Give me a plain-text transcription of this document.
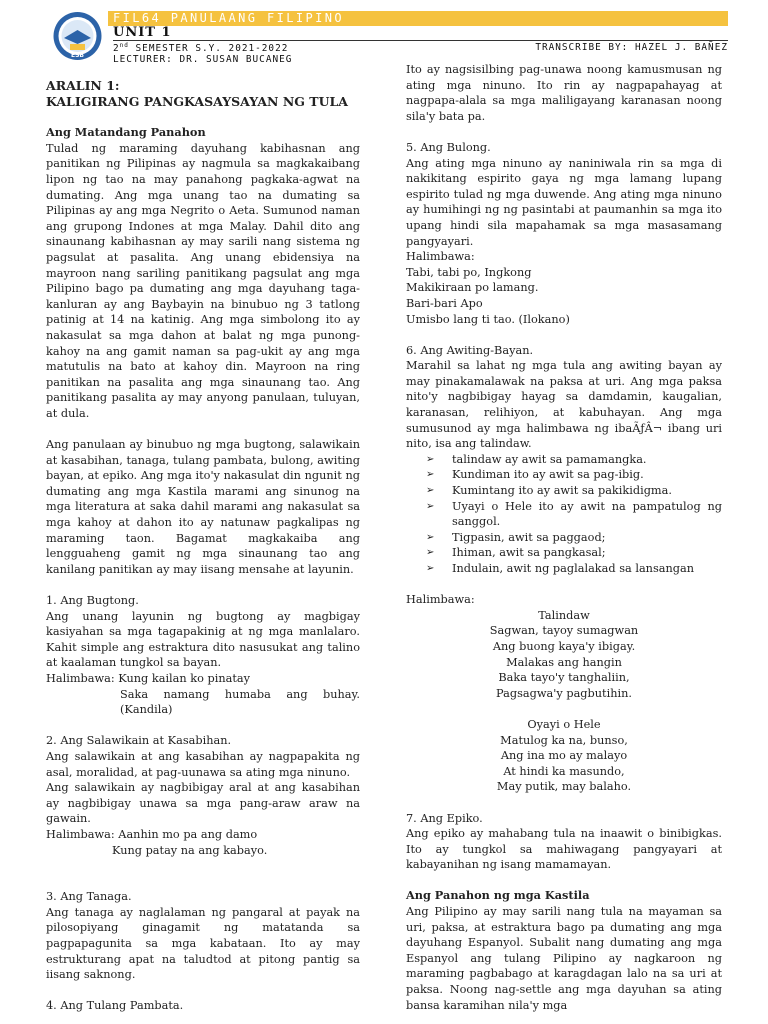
ESB
FIL64 PANULAANG FILIPINO
UNIT 1
2nd SEMESTER S.Y. 2021-2022	TRANSCRIBE BY: HAZEL J. BAÑEZ
LECTURER: DR. SUSAN BUCANEG
ARALIN 1:
KALIGIRANG PANGKASAYSAYAN NG TULA
Ang Matandang Panahon

Tulad ng maraming dayuhang kabihasnan ang panitikan ng Pilipinas ay nagmula sa magkakaibang lipon ng tao na may panahong pagkaka-agwat na dumating. Ang mga unang tao na dumating sa Pilipinas ay ang mga Negrito o Aeta. Sumunod naman ang grupong Indones at mga Malay. Dahil dito ang sinaunang kabihasnan ay may sarili nang sistema ng pagsulat at pasalita. Ang unang ebidensiya na mayroon nang sariling panitikang pagsulat ang mga Pilipino bago pa dumating ang mga dayuhang taga-kanluran ay ang Baybayin na binubuo ng 3 tatlong patinig at 14 na katinig. Ang mga simbolong ito ay nakasulat sa mga dahon at balat ng mga punong-kahoy na ang gamit naman sa pag-ukit ay ang mga matutulis na bato at kahoy din. Mayroon na ring panitikan na pasalita ang mga sinaunang tao. Ang panitikang pasalita ay may anyong panulaan, tuluyan, at dula.

Ang panulaan ay binubuo ng mga bugtong, salawikain at kasabihan, tanaga, tulang pambata, bulong, awiting bayan, at epiko. Ang mga ito'y nakasulat din ngunit ng dumating ang mga Kastila marami ang sinunog na mga literatura at saka dahil marami ang nakasulat sa mga kahoy at dahon ito ay natunaw pagkalipas ng maraming taon. Bagamat magkakaiba ang lengguaheng gamit ng mga sinaunang tao ang kanilang panitikan ay may iisang mensahe at layunin.

1. Ang Bugtong.

Ang unang layunin ng bugtong ay magbigay kasiyahan sa mga tagapakinig at ng mga manlalaro. Kahit simple ang estraktura dito nasusukat ang talino at kaalaman tungkol sa bayan.

Halimbawa: Kung kailan ko pinatay
Saka namang humaba ang buhay.
(Kandila)
2. Ang Salawikain at Kasabihan.

Ang salawikain at ang kasabihan ay nagpapakita ng asal, moralidad, at pag-uunawa sa ating mga ninuno.

Ang salawikain ay nagbibigay aral at ang kasabihan ay nagbibigay unawa sa mga pang-araw araw na gawain.

Halimbawa: Aanhin mo pa ang damo
Kung patay na ang kabayo.
3. Ang Tanaga.

Ang tanaga ay naglalaman ng pangaral at payak na pilosopiyang ginagamit ng matatanda sa pagpapagunita sa mga kabataan. Ito ay may estrukturang apat na taludtod at pitong pantig sa iisang saknong.

4. Ang Tulang Pambata.

Ito ay nagsisilbing pag-unawa noong kamusmusan ng ating mga ninuno. Ito rin ay nagpapahayag at nagpapa-alala sa mga maliligayang karanasan noong sila'y bata pa.

5. Ang Bulong.

Ang ating mga ninuno ay naniniwala rin sa mga di nakikitang espirito gaya ng mga lamang lupang espirito tulad ng mga duwende. Ang ating mga ninuno ay humihingi ng ng pasintabi at paumanhin sa mga ito upang hindi sila mapahamak sa mga masasamang pangyayari.

Halimbawa:
Tabi, tabi po, Ingkong
Makikiraan po lamang.
Bari-bari Apo
Umisbo lang ti tao. (Ilokano)
6. Ang Awiting-Bayan.

Marahil sa lahat ng mga tula ang awiting bayan ay may pinakamalawak na paksa at uri. Ang mga paksa nito'y nagbibigay hayag sa damdamin, kaugalian, karanasan, relihiyon, at kabuhayan. Ang mga sumusunod ay mga halimbawa ng ibaÃƒÂ¬ ibang uri nito, isa ang talindaw.

➢ talindaw ay awit sa pamamangka.
➢ Kundiman ito ay awit sa pag-ibig.
➢ Kumintang ito ay awit sa pakikidigma.
➢ Uyayi o Hele ito ay awit na pampatulog ng sanggol.
➢ Tigpasin, awit sa paggaod;
➢ Ihiman, awit sa pangkasal;
➢ Indulain, awit ng paglalakad sa lansangan
Halimbawa:
Talindaw
Sagwan, tayoy sumagwan
Ang buong kaya'y ibigay.
Malakas ang hangin
Baka tayo'y tanghaliin,
Pagsagwa'y pagbutihin.
Oyayi o Hele
Matulog ka na, bunso,
Ang ina mo ay malayo
At hindi ka masundo,
May putik, may balaho.
7. Ang Epiko.

Ang epiko ay mahabang tula na inaawit o binibigkas. Ito ay tungkol sa mahiwagang pangyayari at kabayanihan ng isang mamamayan.

Ang Panahon ng mga Kastila

Ang Pilipino ay may sarili nang tula na mayaman sa uri, paksa, at estraktura bago pa dumating ang mga dayuhang Espanyol. Subalit nang dumating ang mga Espanyol ang tulang Pilipino ay nagkaroon ng maraming pagbabago at karagdagan lalo na sa uri at paksa. Noong nag-settle ang mga dayuhan sa ating bansa karamihan nila'y mga
